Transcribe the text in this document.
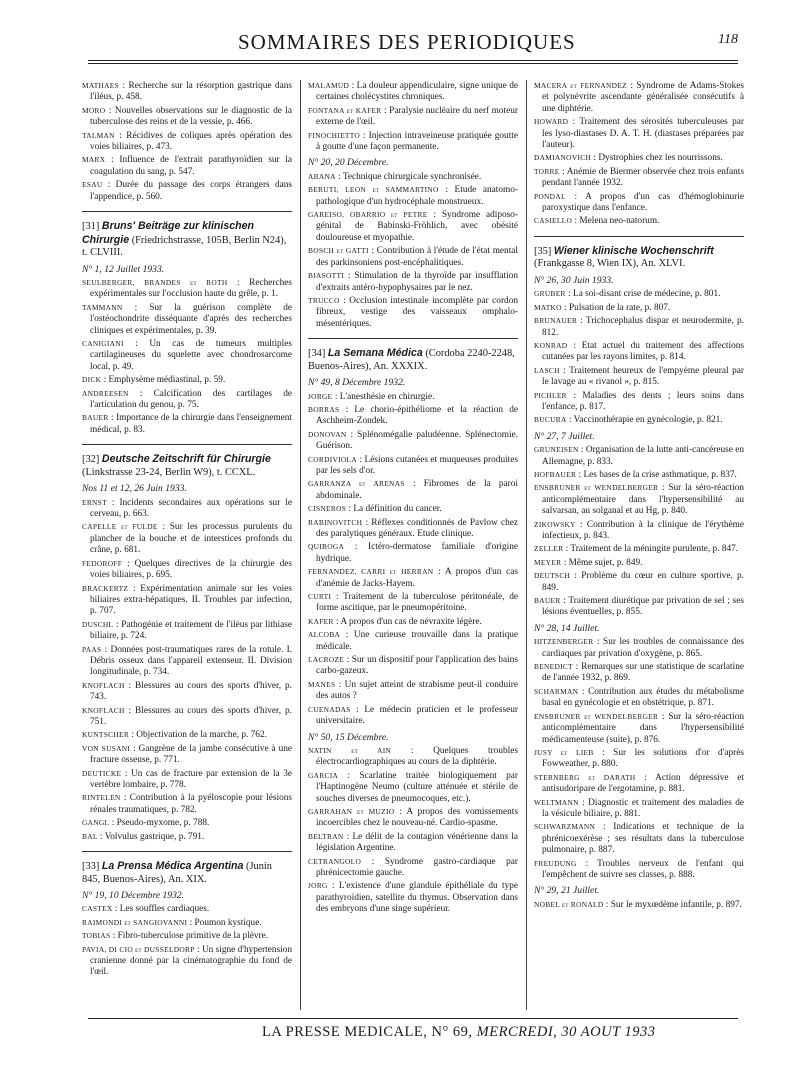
SOMMAIRES DES PERIODIQUES	118
MATHAES : Recherche sur la résorption gastrique dans l'iléus, p. 458.
MORO : Nouvelles observations sur le diagnostic de la tuberculose des reins et de la vessie, p. 466.
TALMAN : Récidives de coliques après opération des voies biliaires, p. 473.
MARX : Influence de l'extrait parathyroïdien sur la coagulation du sang, p. 547.
ESAU : Durée du passage des corps étrangers dans l'appendice, p. 560.
[31] Bruns' Beiträge zur klinischen Chirurgie (Friedrichstrasse, 105B, Berlin N24), t. CLVIII.
N° 1, 12 Juillet 1933.
SEULBERGER, BRANDES et ROTH : Recherches expérimentales sur l'occlusion haute du grêle, p. 1.
TAMMANN : Sur la guérison complète de l'ostéochondrite disséquante d'après des recherches cliniques et expérimentales, p. 39.
CANIGIANI : Un cas de tumeurs multiples cartilagineuses du squelette avec chondrosarcome local, p. 49.
DICK : Emphysème médiastinal, p. 59.
ANDREESEN : Calcification des cartilages de l'articulation du genou, p. 75.
BAUER : Importance de la chirurgie dans l'enseignement médical, p. 83.
[32] Deutsche Zeitschrift für Chirurgie (Linkstrasse 23-24, Berlin W9), t. CCXL.
Nos 11 et 12, 26 Juin 1933.
ERNST : Incidents secondaires aux opérations sur le cerveau, p. 663.
CAPELLE et FULDE : Sur les processus purulents du plancher de la bouche et de interstices profonds du crâne, p. 681.
FEDOROFF : Quelques directives de la chirurgie des voies biliaires, p. 695.
BRACKERTZ : Expérimentation animale sur les voies biliaires extra-hépatiques. II. Troubles par infection, p. 707.
DUSCHL : Pathogénie et traitement de l'iléus par lithiase biliaire, p. 724.
PAAS : Données post-traumatiques rares de la rotule. I. Débris osseux dans l'appareil extenseur. II. Division longitudinale, p. 734.
KNOFLACH : Blessures au cours des sports d'hiver, p. 743.
KNOFLACH : Blessures au cours des sports d'hiver, p. 751.
KUNTSCHER : Objectivation de la marche, p. 762.
VON SUSANI : Gangrène de la jambe consécutive à une fracture osseuse, p. 771.
DEUTICKE : Un cas de fracture par extension de la 3e vertèbre lombaire, p. 778.
RINTELEN : Contribution à la pyéloscopie pour lésions rénales traumatiques, p. 782.
GANGL : Pseudo-myxome, p. 788.
BAL : Volvulus gastrique, p. 791.
[33] La Prensa Médica Argentina (Junin 845, Buenos-Aires), An. XIX.
N° 19, 10 Décembre 1932.
CASTEX : Les souffles cardiaques.
RAIMONDI et SANGIOVANNI : Poumon kystique.
TOBIAS : Fibro-tuberculose primitive de la plèvre.
PAVIA, DI CIO et DUSSELDORP : Un signe d'hypertension cranienne donné par la cinématographie du fond de l'œil.
MALAMUD : La douleur appendiculaire, signe unique de certaines cholécystites chroniques.
FONTANA et KAFER : Paralysie nucléaire du nerf moteur externe de l'œil.
FINOCHIETTO : Injection intraveineuse pratiquée goutte à goutte d'une façon permanente.
N° 20, 20 Décembre.
ABANA : Technique chirurgicale synchronisée.
BERUTI, LEON et SAMMARTINO : Etude anatomo-pathologique d'un hydrocéphale monstrueux.
GAREISO, OBARRIO et PETRE : Syndrome adiposo-génital de Babinski-Fröhlich, avec obésité douloureuse et myopathie.
BOSCH et GATTI : Contribution à l'étude de l'état mental des parkinsoniens post-encéphalitiques.
BIASOTTI : Stimulation de la thyroïde par insufflation d'extraits antéro-hypophysaires par le nez.
TRUCCO : Occlusion intestinale incomplète par cordon fibreux, vestige des vaisseaux omphalo-mésentériques.
[34] La Semana Médica (Cordoba 2240-2248, Buenos-Aires), An. XXXIX.
N° 49, 8 Décembre 1932.
JORGE : L'anesthésie en chirurgie.
BORRAS : Le chorio-épithéliome et la réaction de Aschheim-Zondek.
DONOVAN : Splénomégalie paludéenne. Splénectomie. Guérison.
CORDIVIOLA : Lésions cutanées et muqueuses produites par les sels d'or.
GARRANZA et ARENAS : Fibromes de la paroi abdominale.
CISNEROS : La définition du cancer.
RABINOVITCH : Réflexes conditionnés de Pavlow chez des paralytiques généraux. Etude clinique.
QUIROGA : Ictéro-dermatose familiale d'origine hydrique.
FERNANDEZ, CARRI et HERRAN : A propos d'un cas d'anémie de Jacks-Hayem.
CURTI : Traitement de la tuberculose péritonéale, de forme ascitique, par le pneumopéritoine.
KAFER : A propos d'un cas de névraxite légère.
ALCOBA : Une curieuse trouvaille dans la pratique médicale.
LACROZE : Sur un dispositif pour l'application des bains carbo-gazeux.
MANES : Un sujet atteint de strabisme peut-il conduire des autos ?
CUENADAS : Le médecin praticien et le professeur universitaire.
N° 50, 15 Décembre.
NATIN et AIN : Quelques troubles électrocardiographiques au cours de la diphtérie.
GARCIA : Scarlatine traitée biologiquement par l'Haptinogène Neumo (culture atténuée et stérile de souches diverses de pneumocoques, etc.).
GARRAHAN et MUZIO : A propos des vomissements incoercibles chez le nouveau-né. Cardio-spasme.
BELTRAN : Le délit de la contagion vénérienne dans la législation Argentine.
CETRANGOLO : Syndrome gastro-cardiaque par phrénicectomie gauche.
JORG : L'existence d'une glandule épithéliale du type parathyroïdien, satellite du thymus. Observation dans des embryons d'une singe supérieur.
MACERA et FERNANDEZ : Syndrome de Adams-Stokes et polynévrite ascendante généralisée consécutifs à une diphtérie.
HOWARD : Traitement des sérosités tuberculeuses par les lyso-diastases D. A. T. H. (diastases préparées par l'auteur).
DAMIANOVICH : Dystrophies chez les nourrissons.
TORRE : Anémie de Biermer observée chez trois enfants pendant l'année 1932.
PONDAL : A propos d'un cas d'hémoglobinurie paroxystique dans l'enfance.
CASIELLO : Melena neo-natorum.
[35] Wiener klinische Wochenschrift (Frankgasse 8, Wien IX), An. XLVI.
N° 26, 30 Juin 1933.
GRUBER : La soi-disant crise de médecine, p. 801.
MATKO : Pulsation de la rate, p. 807.
BRUNAUER : Trichocephalus dispar et neurodermite, p. 812.
KONRAD : Etat actuel du traitement des affections cutanées par les rayons limites, p. 814.
LASCH : Traitement heureux de l'empyème pleural par le lavage au « rivanol », p. 815.
PICHLER : Maladies des dents ; leurs soins dans l'enfance, p. 817.
BUCURA : Vaccinothérapie en gynécologie, p. 821.
N° 27, 7 Juillet.
GRUNEISEN : Organisation de la lutte anti-cancéreuse en Allemagne, p. 833.
HOFBAUER : Les bases de la crise asthmatique, p. 837.
ENSBRUNER et WENDELBERGER : Sur la séro-réaction anticomplémentaire dans l'hypersensibilité au salvarsan, au solganal et au Hg, p. 840.
ZIKOWSKY : Contribution à la clinique de l'érythème infectieux, p. 843.
ZELLER : Traitement de la méningite purulente, p. 847.
MEYER : Même sujet, p. 849.
DEUTSCH : Problème du cœur en culture sportive, p. 849.
BAUER : Traitement diurétique par privation de sel ; ses lésions éventuelles, p. 855.
N° 28, 14 Juillet.
HITZENBERGER : Sur les troubles de connaissance des cardiaques par privation d'oxygène, p. 865.
BENEDICT : Remarques sur une statistique de scarlatine de l'année 1932, p. 869.
SCHARMAN : Contribution aux études du métabolisme basal en gynécologie et en obstétrique, p. 871.
ENSBRUNER et WENDELBERGER : Sur la séro-réaction anticomplémentaire dans l'hypersensibilité médicamenteuse (suite), p. 876.
JUSY et LIEB : Sur les solutions d'or d'après Fowweather, p. 880.
STERNBERG et DARATH : Action dépressive et antisudoripare de l'ergotamine, p. 881.
WELTMANN : Diagnostic et traitement des maladies de la vésicule biliaire, p. 881.
SCHWARZMANN : Indications et technique de la phrénicoexérèse ; ses résultats dans la tuberculose pulmonaire, p. 887.
FREUDUNG : Troubles nerveux de l'enfant qui l'empêchent de suivre ses classes, p. 888.
N° 29, 21 Juillet.
NOBEL et RONALD : Sur le myxœdème infantile, p. 897.
LA PRESSE MEDICALE, N° 69, MERCREDI, 30 AOUT 1933
